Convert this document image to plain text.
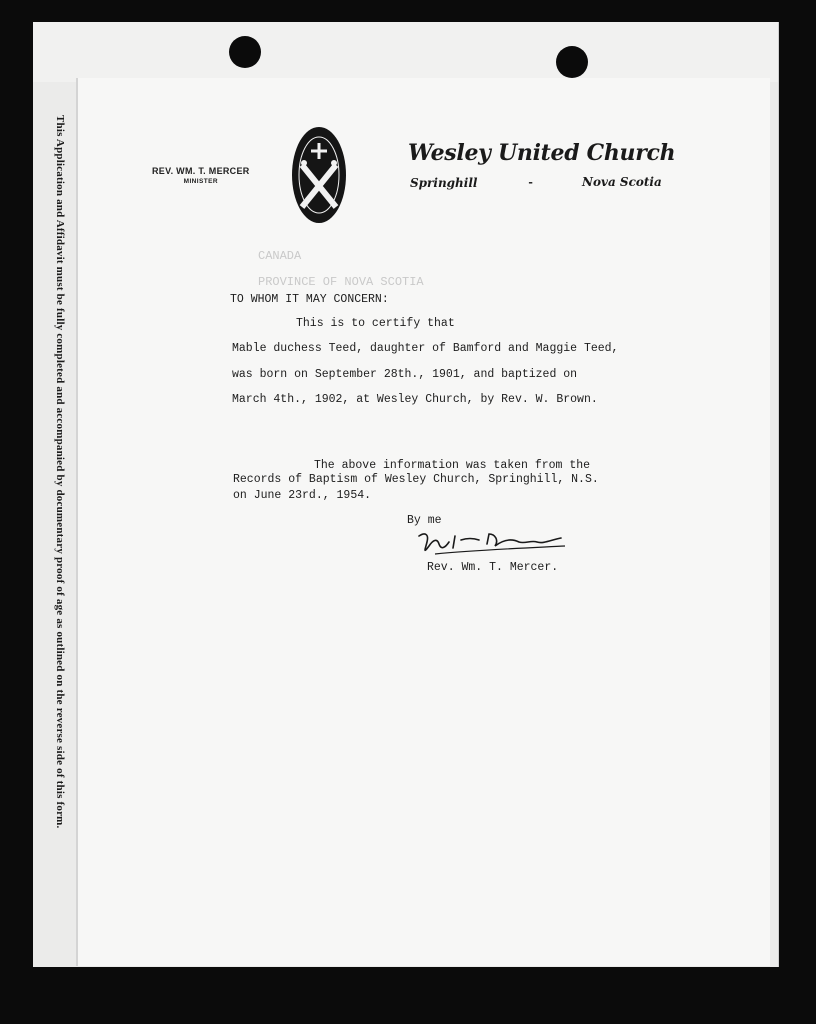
This Application and Affidavit must be fully completed and accompanied by documentary proof of age as outlined on the reverse side of this form.	CANADA
PROVINCE OF NOVA SCOTIA
REV. WM. T. MERCER
MINISTER
Wesley United Church
Springhill	-	Nova Scotia
TO WHOM IT MAY CONCERN:
This is to certify that
Mable duchess Teed, daughter of Bamford and Maggie Teed,
was born on September 28th., 1901, and baptized on
March 4th., 1902, at Wesley Church, by Rev. W. Brown.
The above information was taken from the
Records of Baptism of Wesley Church, Springhill, N.S.
on June 23rd., 1954.
By me
Rev. Wm. T. Mercer.
